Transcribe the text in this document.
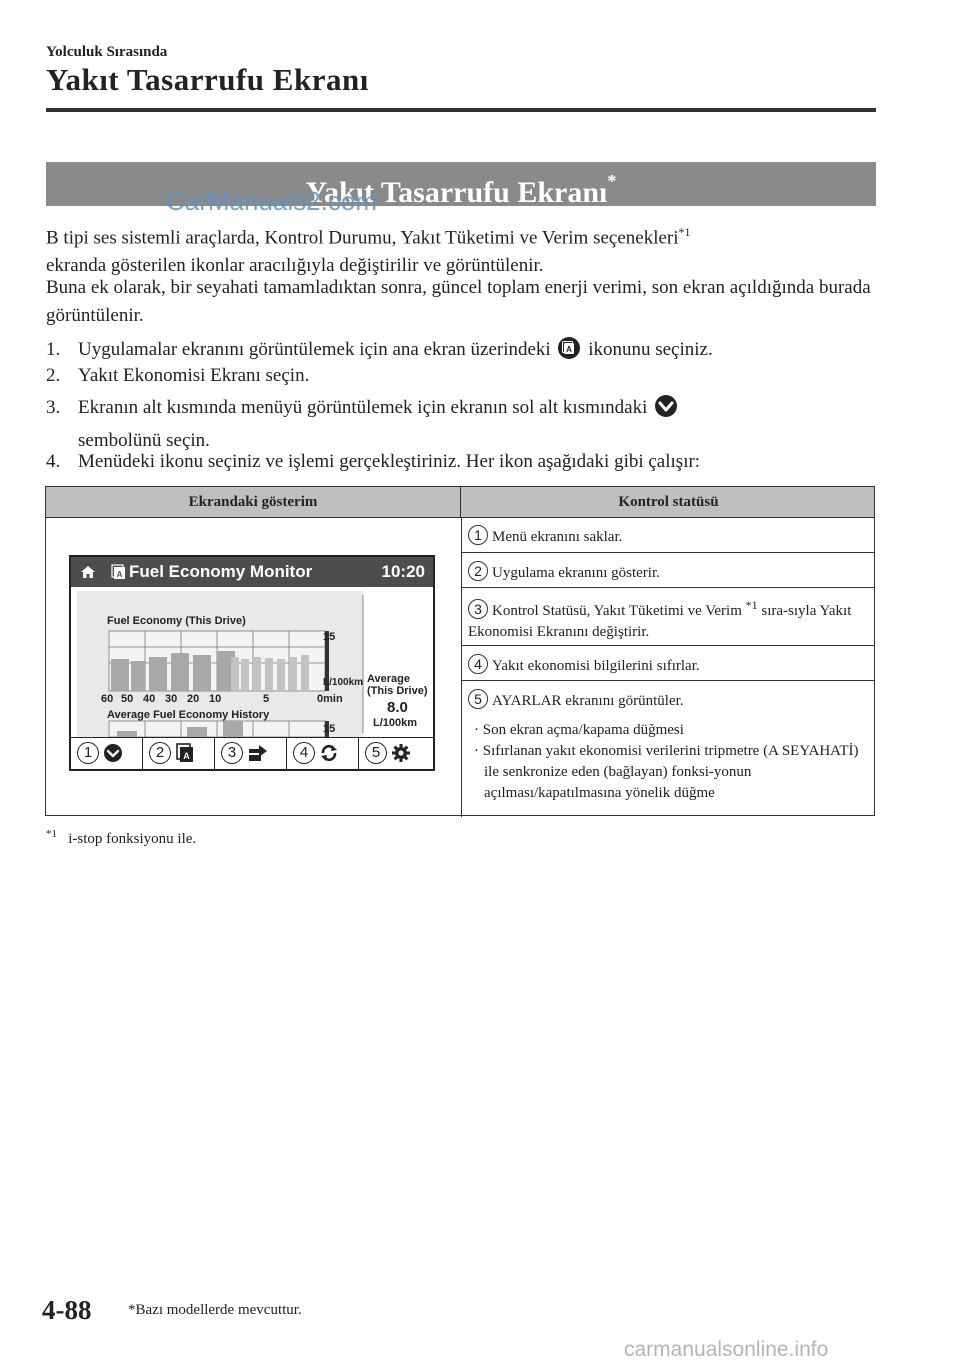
Yolculuk Sırasında
Yakıt Tasarrufu Ekranı
Yakıt Tasarrufu Ekranı*
CarManuals2.com
B tipi ses sistemli araçlarda, Kontrol Durumu, Yakıt Tüketimi ve Verim seçenekleri$^{*1}$
ekranda gösterilen ikonlar aracılığıyla değiştirilir ve görüntülenir.
Buna ek olarak, bir seyahati tamamladıktan sonra, güncel toplam enerji verimi, son ekran açıldığında burada görüntülenir.
1. Uygulamalar ekranını görüntülemek için ana ekran üzerindeki A ikonunu seçiniz.
2. Yakıt Ekonomisi Ekranı seçin.
3. Ekranın alt kısmında menüyü görüntülemek için ekranın sol alt kısmındaki
sembolünü seçin.
4. Menüdeki ikonu seçiniz ve işlemi gerçekleştiriniz. Her ikon aşağıdaki gibi çalışır:
Ekrandaki gösterim	Kontrol statüsü
A Fuel Economy Monitor	10:20
Fuel Economy (This Drive)
15
L/100km
60 50 40 30 20 10	5	0min
Average
(This Drive)
8.0
L/100km
Average Fuel Economy History
15
1	2	A	3	4	5
1 Menü ekranını saklar.
2 Uygulama ekranını gösterir.
3 Kontrol Statüsü, Yakıt Tüketimi ve Verim $^{*1}$ sıra-sıyla Yakıt Ekonomisi Ekranını değiştirir.
4 Yakıt ekonomisi bilgilerini sıfırlar.
5 AYARLAR ekranını görüntüler.
· Son ekran açma/kapama düğmesi
· Sıfırlanan yakıt ekonomisi verilerini tripmetre (A SEYAHATİ) ile senkronize eden (bağlayan) fonksi-yonun açılması/kapatılmasına yönelik düğme
$^{*1}$ i-stop fonksiyonu ile.
4-88 *Bazı modellerde mevcuttur.
carmanualsonline.info
